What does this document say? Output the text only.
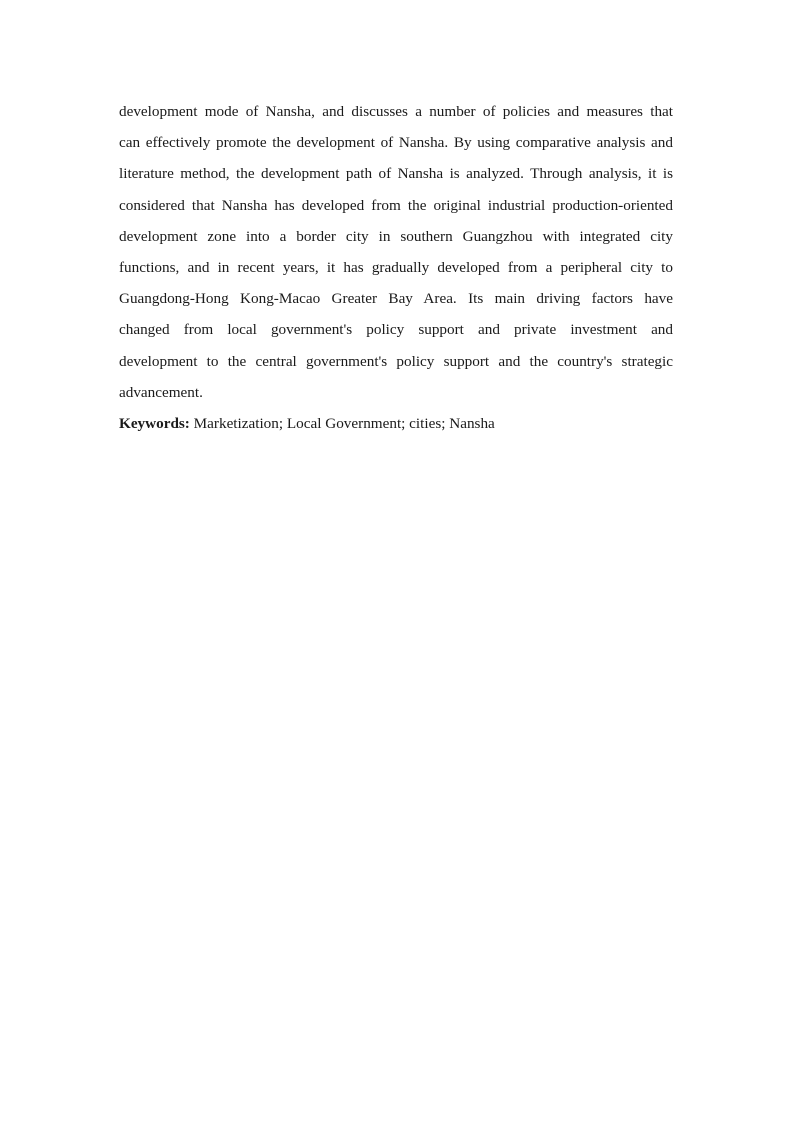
development mode of Nansha, and discusses a number of policies and measures that
can effectively promote the development of Nansha. By using comparative analysis and
literature method, the development path of Nansha is analyzed. Through analysis, it is
considered that Nansha has developed from the original industrial production-oriented
development zone into a border city in southern Guangzhou with integrated city
functions, and in recent years, it has gradually developed from a peripheral city to
Guangdong-Hong Kong-Macao Greater Bay Area. Its main driving factors have
changed from local government's policy support and private investment and
development to the central government's policy support and the country's strategic
advancement.
Keywords: Marketization; Local Government; cities; Nansha
